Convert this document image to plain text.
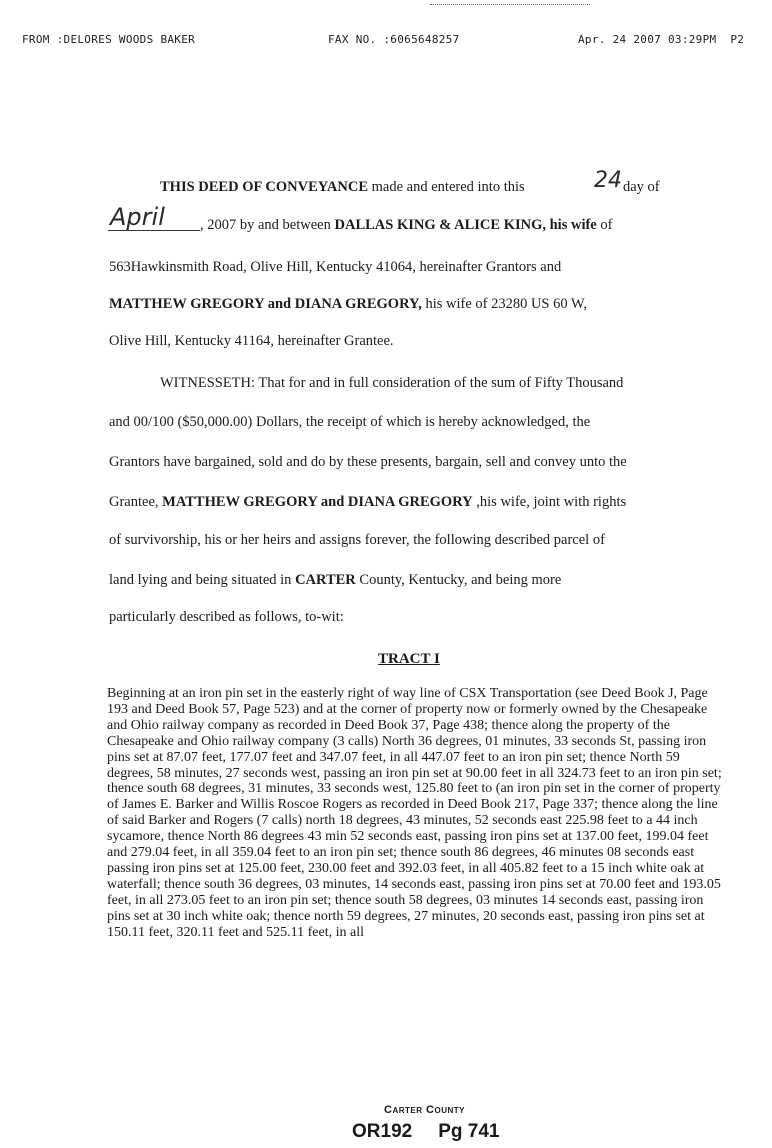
FROM :DELORES WOODS BAKER	FAX NO. :6065648257	Apr. 24 2007 03:29PM P2
THIS DEED OF CONVEYANCE made and entered into this	24 day of
April , 2007 by and between DALLAS KING & ALICE KING, his wife of
563Hawkinsmith Road, Olive Hill, Kentucky 41064, hereinafter Grantors and
MATTHEW GREGORY and DIANA GREGORY, his wife of 23280 US 60 W,
Olive Hill, Kentucky 41164, hereinafter Grantee.
WITNESSETH: That for and in full consideration of the sum of Fifty Thousand
and 00/100 ($50,000.00) Dollars, the receipt of which is hereby acknowledged, the
Grantors have bargained, sold and do by these presents, bargain, sell and convey unto the
Grantee, MATTHEW GREGORY and DIANA GREGORY ,his wife, joint with rights
of survivorship, his or her heirs and assigns forever, the following described parcel of
land lying and being situated in CARTER County, Kentucky, and being more
particularly described as follows, to-wit:
TRACT I
Beginning at an iron pin set in the easterly right of way line of CSX Transportation (see Deed Book J, Page 193 and Deed Book 57, Page 523) and at the corner of property now or formerly owned by the Chesapeake and Ohio railway company as recorded in Deed Book 37, Page 438; thence along the property of the Chesapeake and Ohio railway company (3 calls) North 36 degrees, 01 minutes, 33 seconds St, passing iron pins set at 87.07 feet, 177.07 feet and 347.07 feet, in all 447.07 feet to an iron pin set; thence North 59 degrees, 58 minutes, 27 seconds west, passing an iron pin set at 90.00 feet in all 324.73 feet to an iron pin set; thence south 68 degrees, 31 minutes, 33 seconds west, 125.80 feet to (an iron pin set in the corner of property of James E. Barker and Willis Roscoe Rogers as recorded in Deed Book 217, Page 337; thence along the line of said Barker and Rogers (7 calls) north 18 degrees, 43 minutes, 52 seconds east 225.98 feet to a 44 inch sycamore, thence North 86 degrees 43 min 52 seconds east, passing iron pins set at 137.00 feet, 199.04 feet and 279.04 feet, in all 359.04 feet to an iron pin set; thence south 86 degrees, 46 minutes 08 seconds east passing iron pins set at 125.00 feet, 230.00 feet and 392.03 feet, in all 405.82 feet to a 15 inch white oak at waterfall; thence south 36 degrees, 03 minutes, 14 seconds east, passing iron pins set at 70.00 feet and 193.05 feet, in all 273.05 feet to an iron pin set; thence south 58 degrees, 03 minutes 14 seconds east, passing iron pins set at 30 inch white oak; thence north 59 degrees, 27 minutes, 20 seconds east, passing iron pins set at 150.11 feet, 320.11 feet and 525.11 feet, in all
Carter County
OR192 Pg 741
